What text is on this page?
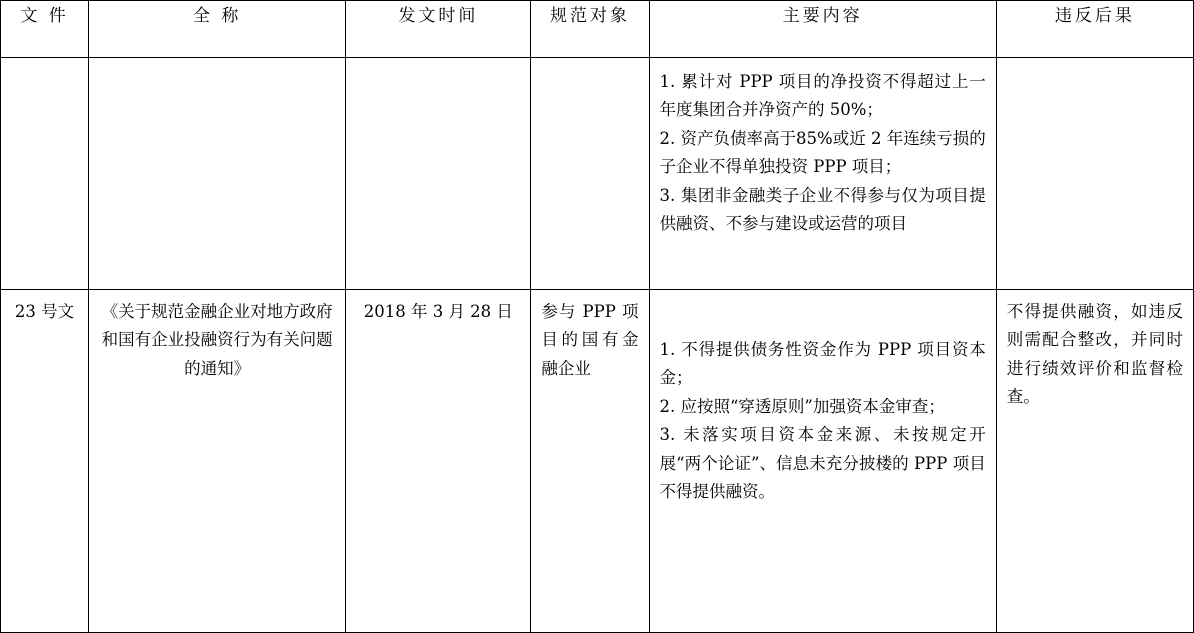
文 件	全 称	发文时间	规范对象	主要内容	违反后果

				1. 累计对 PPP 项目的净投资不得超过上一年度集团合并净资产的 50%；

2. 资产负债率高于85%或近 2 年连续亏损的子企业不得单独投资 PPP 项目；

3. 集团非金融类子企业不得参与仅为项目提供融资、不参与建设或运营的项目	

23 号文	《关于规范金融企业对地方政府和国有企业投融资行为有关问题的通知》	2018 年 3 月 28 日	参与 PPP 项目的国有金融企业	1. 不得提供债务性资金作为 PPP 项目资本金；

2. 应按照“穿透原则”加强资本金审查；

3. 未落实项目资本金来源、未按规定开展“两个论证”、信息未充分披楼的 PPP 项目不得提供融资。	不得提供融资，如违反则需配合整改，并同时进行绩效评价和监督检查。
